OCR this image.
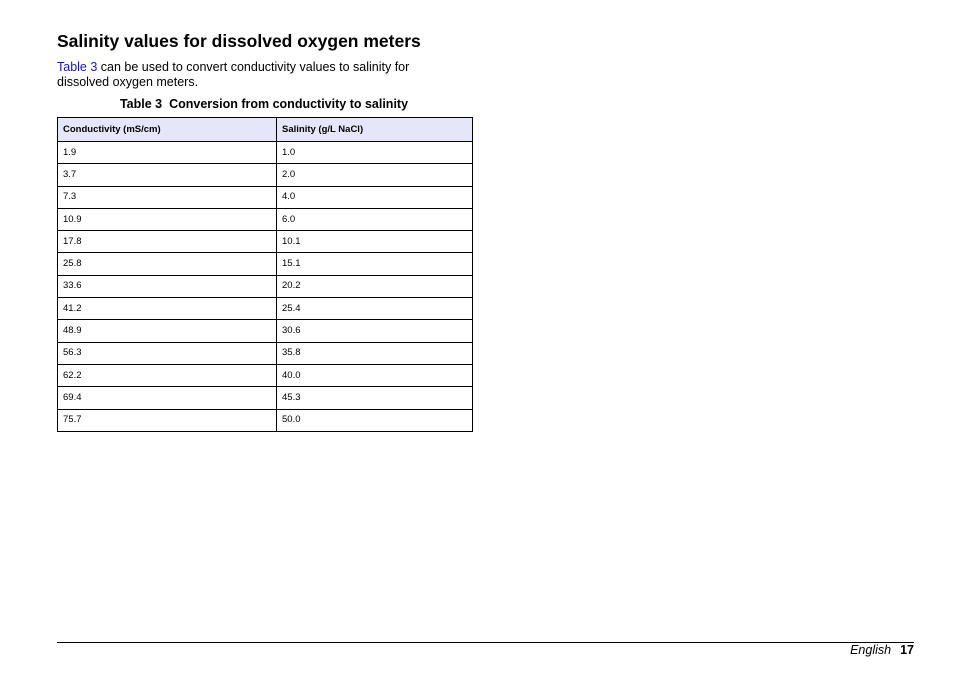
Salinity values for dissolved oxygen meters

Table 3 can be used to convert conductivity values to salinity for dissolved oxygen meters.

Table 3 Conversion from conductivity to salinity
Conductivity (mS/cm)	Salinity (g/L NaCl)
1.9	1.0
3.7	2.0
7.3	4.0
10.9	6.0
17.8	10.1
25.8	15.1
33.6	20.2
41.2	25.4
48.9	30.6
56.3	35.8
62.2	40.0
69.4	45.3
75.7	50.0
English 17
